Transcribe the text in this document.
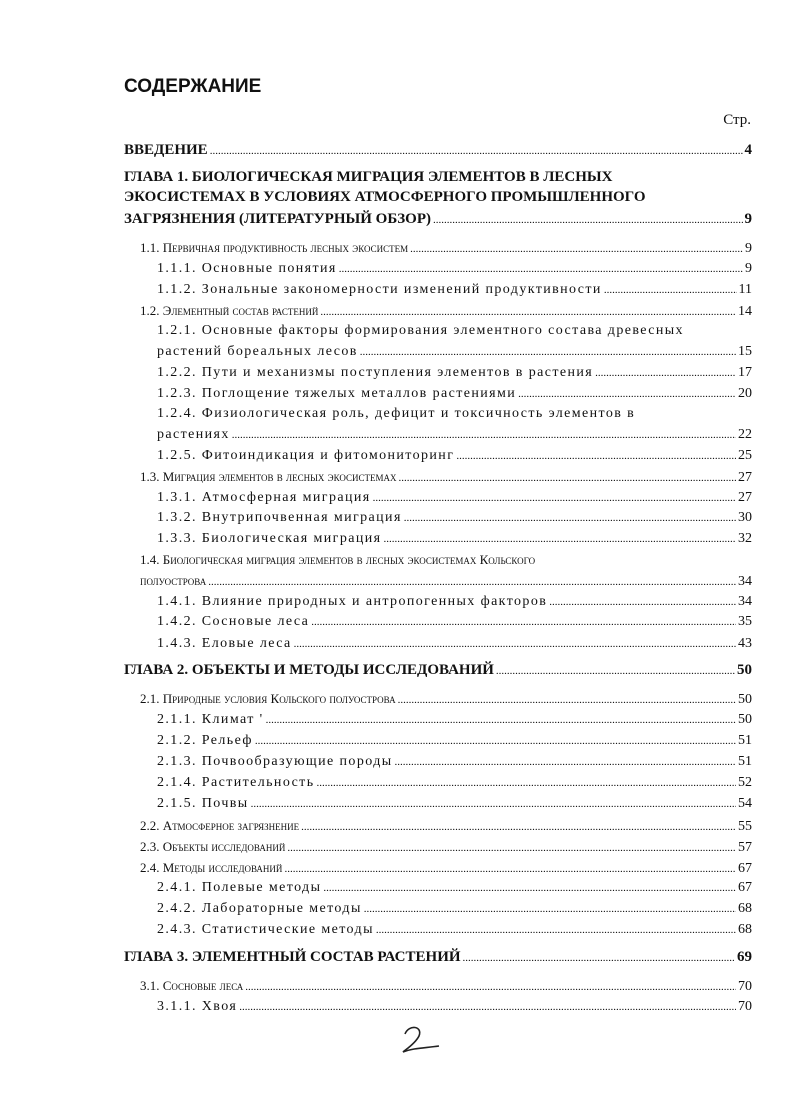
СОДЕРЖАНИЕ
Стр.
ВВЕДЕНИЕ .....	4
ГЛАВА 1. БИОЛОГИЧЕСКАЯ МИГРАЦИЯ ЭЛЕМЕНТОВ В ЛЕСНЫХ
ЭКОСИСТЕМАХ В УСЛОВИЯХ АТМОСФЕРНОГО ПРОМЫШЛЕННОГО
ЗАГРЯЗНЕНИЯ (ЛИТЕРАТУРНЫЙ ОБЗОР) .....	9
1.1. Первичная продуктивность лесных экосистем .....	9
1.1.1. Основные понятия .....	9
1.1.2. Зональные закономерности изменений продуктивности .....	11
1.2. Элементный состав растений .....	14
1.2.1. Основные факторы формирования элементного состава древесных
растений бореальных лесов .....	15
1.2.2. Пути и механизмы поступления элементов в растения .....	17
1.2.3. Поглощение тяжелых металлов растениями .....	20
1.2.4. Физиологическая роль, дефицит и токсичность элементов в
растениях .....	22
1.2.5. Фитоиндикация и фитомониторинг .....	25
1.3. Миграция элементов в лесных экосистемах .....	27
1.3.1. Атмосферная миграция .....	27
1.3.2. Внутрипочвенная миграция .....	30
1.3.3. Биологическая миграция .....	32
1.4. Биологическая миграция элементов в лесных экосистемах Кольского
полуострова .....	34
1.4.1. Влияние природных и антропогенных факторов .....	34
1.4.2. Сосновые леса .....	35
1.4.3. Еловые леса .....	43
ГЛАВА 2. ОБЪЕКТЫ И МЕТОДЫ ИССЛЕДОВАНИЙ .....	50
2.1. Природные условия Кольского полуострова .....	50
2.1.1. Климат ' .....	50
2.1.2. Рельеф .....	51
2.1.3. Почвообразующие породы .....	51
2.1.4. Растительность .....	52
2.1.5. Почвы .....	54
2.2. Атмосферное загрязнение .....	55
2.3. Объекты исследований .....	57
2.4. Методы исследований .....	67
2.4.1. Полевые методы .....	67
2.4.2. Лабораторные методы .....	68
2.4.3. Статистические методы .....	68
ГЛАВА 3. ЭЛЕМЕНТНЫЙ СОСТАВ РАСТЕНИЙ .....	69
3.1. Сосновые леса .....	70
3.1.1. Хвоя .....	70
